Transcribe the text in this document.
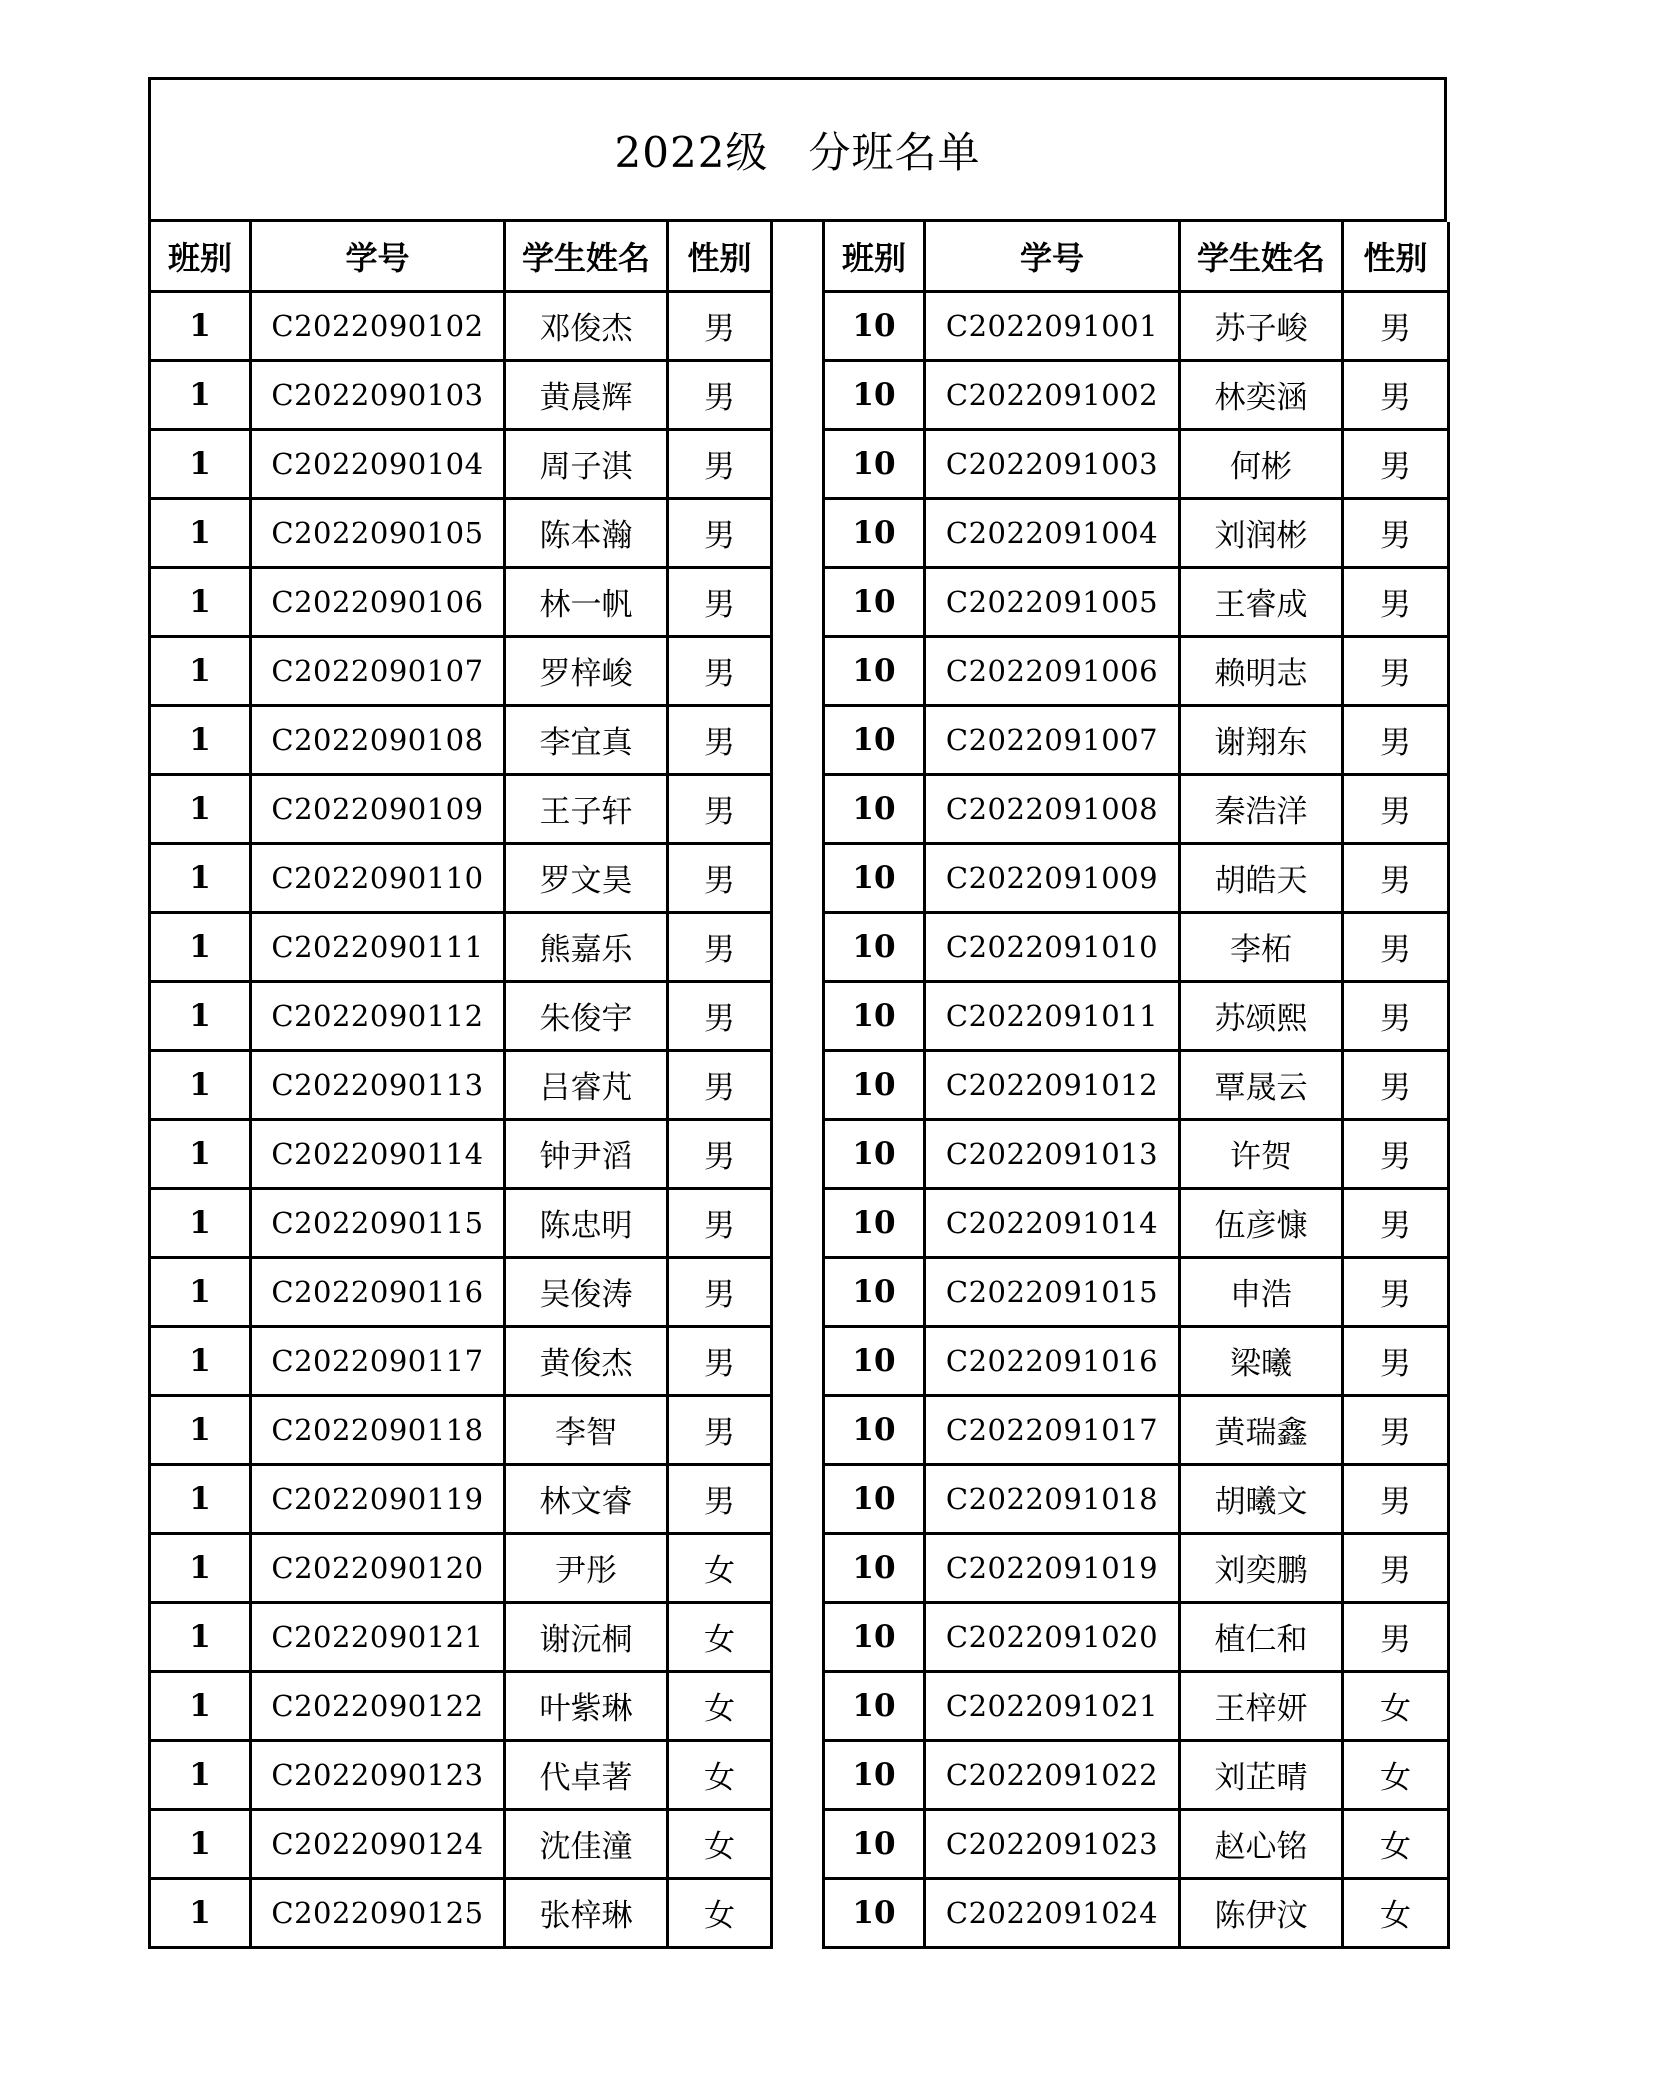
2022级 分班名单
班别	学号	学生姓名	性别
1	C2022090102	邓俊杰	男
1	C2022090103	黄晨辉	男
1	C2022090104	周子淇	男
1	C2022090105	陈本瀚	男
1	C2022090106	林一帆	男
1	C2022090107	罗梓峻	男
1	C2022090108	李宜真	男
1	C2022090109	王子轩	男
1	C2022090110	罗文昊	男
1	C2022090111	熊嘉乐	男
1	C2022090112	朱俊宇	男
1	C2022090113	吕睿芃	男
1	C2022090114	钟尹滔	男
1	C2022090115	陈忠明	男
1	C2022090116	吴俊涛	男
1	C2022090117	黄俊杰	男
1	C2022090118	李智	男
1	C2022090119	林文睿	男
1	C2022090120	尹彤	女
1	C2022090121	谢沅桐	女
1	C2022090122	叶紫琳	女
1	C2022090123	代卓著	女
1	C2022090124	沈佳潼	女
1	C2022090125	张梓琳	女
班别	学号	学生姓名	性别
10	C2022091001	苏子峻	男
10	C2022091002	林奕涵	男
10	C2022091003	何彬	男
10	C2022091004	刘润彬	男
10	C2022091005	王睿成	男
10	C2022091006	赖明志	男
10	C2022091007	谢翔东	男
10	C2022091008	秦浩洋	男
10	C2022091009	胡皓天	男
10	C2022091010	李柘	男
10	C2022091011	苏颂熙	男
10	C2022091012	覃晟云	男
10	C2022091013	许贺	男
10	C2022091014	伍彦慷	男
10	C2022091015	申浩	男
10	C2022091016	梁曦	男
10	C2022091017	黄瑞鑫	男
10	C2022091018	胡曦文	男
10	C2022091019	刘奕鹏	男
10	C2022091020	植仁和	男
10	C2022091021	王梓妍	女
10	C2022091022	刘芷晴	女
10	C2022091023	赵心铭	女
10	C2022091024	陈伊汶	女
